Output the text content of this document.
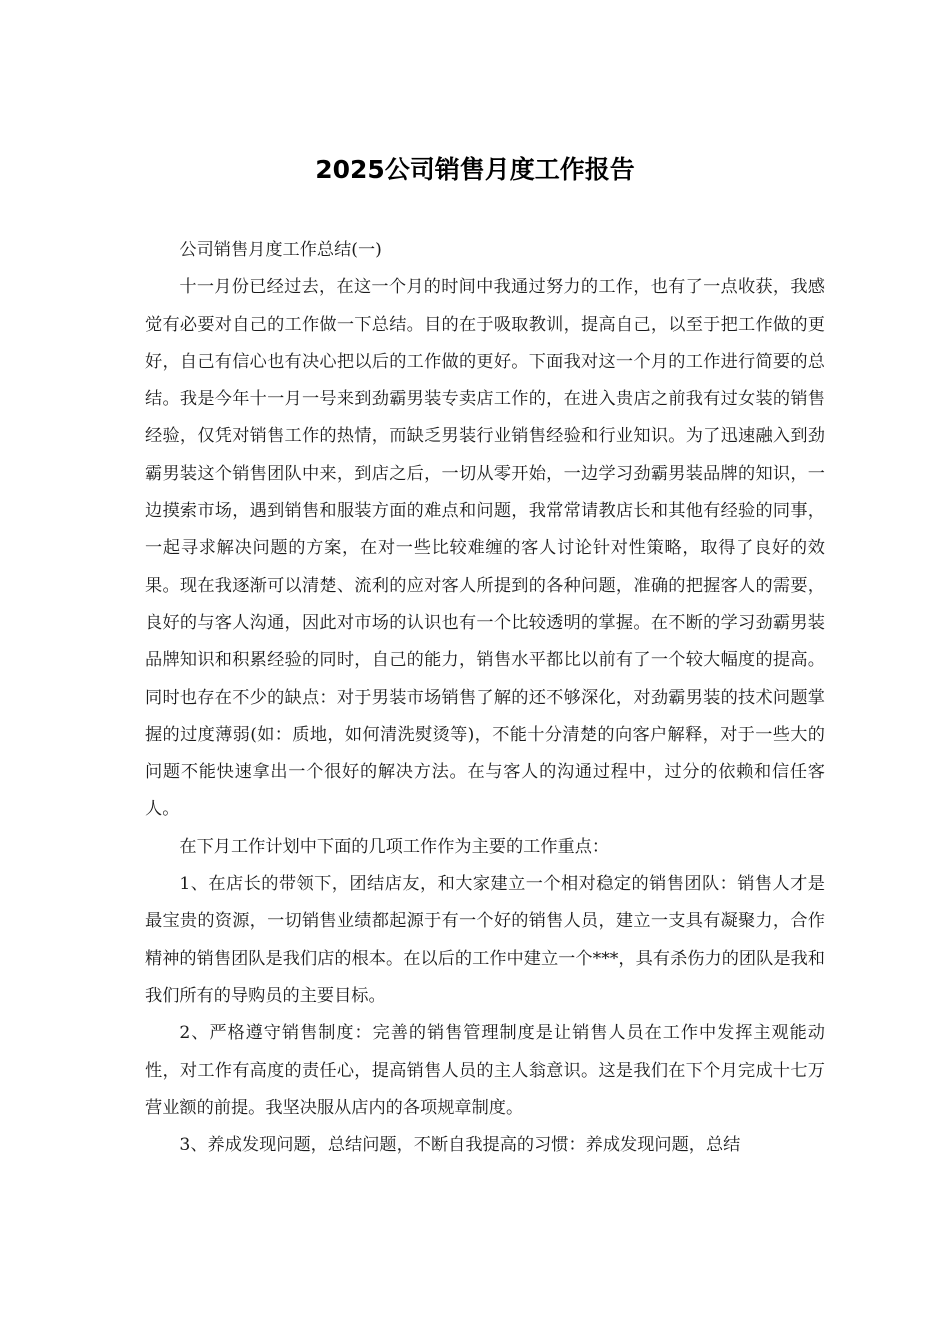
2025公司销售月度工作报告

公司销售月度工作总结(一)

十一月份已经过去，在这一个月的时间中我通过努力的工作，也有了一点收获，我感觉有必要对自己的工作做一下总结。目的在于吸取教训，提高自己，以至于把工作做的更好，自己有信心也有决心把以后的工作做的更好。下面我对这一个月的工作进行简要的总结。我是今年十一月一号来到劲霸男装专卖店工作的，在进入贵店之前我有过女装的销售经验，仅凭对销售工作的热情，而缺乏男装行业销售经验和行业知识。为了迅速融入到劲霸男装这个销售团队中来，到店之后，一切从零开始，一边学习劲霸男装品牌的知识，一边摸索市场，遇到销售和服装方面的难点和问题，我常常请教店长和其他有经验的同事，一起寻求解决问题的方案，在对一些比较难缠的客人讨论针对性策略，取得了良好的效果。现在我逐渐可以清楚、流利的应对客人所提到的各种问题，准确的把握客人的需要，良好的与客人沟通，因此对市场的认识也有一个比较透明的掌握。在不断的学习劲霸男装品牌知识和积累经验的同时，自己的能力，销售水平都比以前有了一个较大幅度的提高。同时也存在不少的缺点：对于男装市场销售了解的还不够深化，对劲霸男装的技术问题掌握的过度薄弱(如：质地，如何清洗熨烫等)，不能十分清楚的向客户解释，对于一些大的问题不能快速拿出一个很好的解决方法。在与客人的沟通过程中，过分的依赖和信任客人。

在下月工作计划中下面的几项工作作为主要的工作重点：

1、在店长的带领下，团结店友，和大家建立一个相对稳定的销售团队：销售人才是最宝贵的资源，一切销售业绩都起源于有一个好的销售人员，建立一支具有凝聚力，合作精神的销售团队是我们店的根本。在以后的工作中建立一个***，具有杀伤力的团队是我和我们所有的导购员的主要目标。

2、严格遵守销售制度：完善的销售管理制度是让销售人员在工作中发挥主观能动性，对工作有高度的责任心，提高销售人员的主人翁意识。这是我们在下个月完成十七万营业额的前提。我坚决服从店内的各项规章制度。

3、养成发现问题，总结问题，不断自我提高的习惯：养成发现问题，总结
